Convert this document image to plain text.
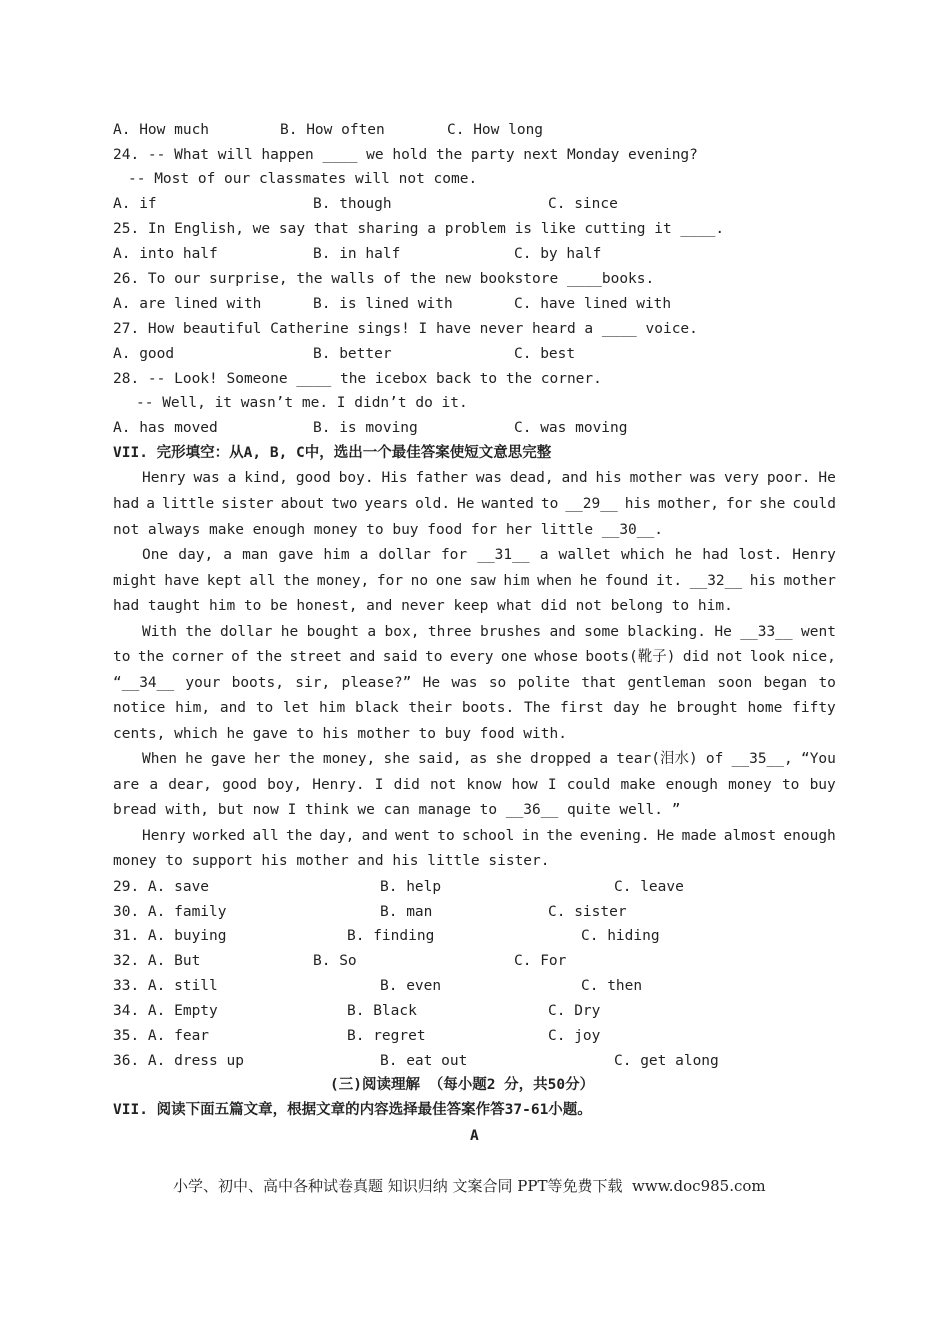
A. How much	B. How often	C. How long
24. -- What will happen ____ we hold the party next Monday evening?
-- Most of our classmates will not come.
A. if	B. though	C. since
25. In English, we say that sharing a problem is like cutting it ____.
A. into half	B. in half	C. by half
26. To our surprise, the walls of the new bookstore ____books.
A. are lined with	B. is lined with	C. have lined with
27. How beautiful Catherine sings! I have never heard a ____ voice.
A. good	B. better	C. best
28. -- Look! Someone ____ the icebox back to the corner.
-- Well, it wasn’t me. I didn’t do it.
A. has moved	B. is moving	C. was moving
VII. 完形填空：从A, B, C中，选出一个最佳答案使短文意思完整
Henry was a kind, good boy. His father was dead, and his mother was very poor. He
had a little sister about two years old. He wanted to __29__ his mother, for she could
not always make enough money to buy food for her little __30__.
One day, a man gave him a dollar for __31__ a wallet which he had lost. Henry
might have kept all the money, for no one saw him when he found it. __32__ his mother
had taught him to be honest, and never keep what did not belong to him.
With the dollar he bought a box, three brushes and some blacking. He __33__ went
to the corner of the street and said to every one whose boots(靴子) did not look nice,
“__34__ your boots, sir, please?” He was so polite that gentleman soon began to
notice him, and to let him black their boots. The first day he brought home fifty
cents, which he gave to his mother to buy food with.
When he gave her the money, she said, as she dropped a tear(泪水) of __35__, “You
are a dear, good boy, Henry. I did not know how I could make enough money to buy
bread with, but now I think we can manage to __36__ quite well. ”
Henry worked all the day, and went to school in the evening. He made almost enough
money to support his mother and his little sister.
29. A. save	B. help	C. leave
30. A. family	B. man	C. sister
31. A. buying	B. finding	C. hiding
32. A. But	B. So	C. For
33. A. still	B. even	C. then
34. A. Empty	B. Black	C. Dry
35. A. fear	B. regret	C. joy
36. A. dress up	B. eat out	C. get along
(三)阅读理解 （每小题2 分，共50分）
VII. 阅读下面五篇文章，根据文章的内容选择最佳答案作答37-61小题。
A
小学、初中、高中各种试卷真题 知识归纳 文案合同 PPT等免费下载  www.doc985.com
